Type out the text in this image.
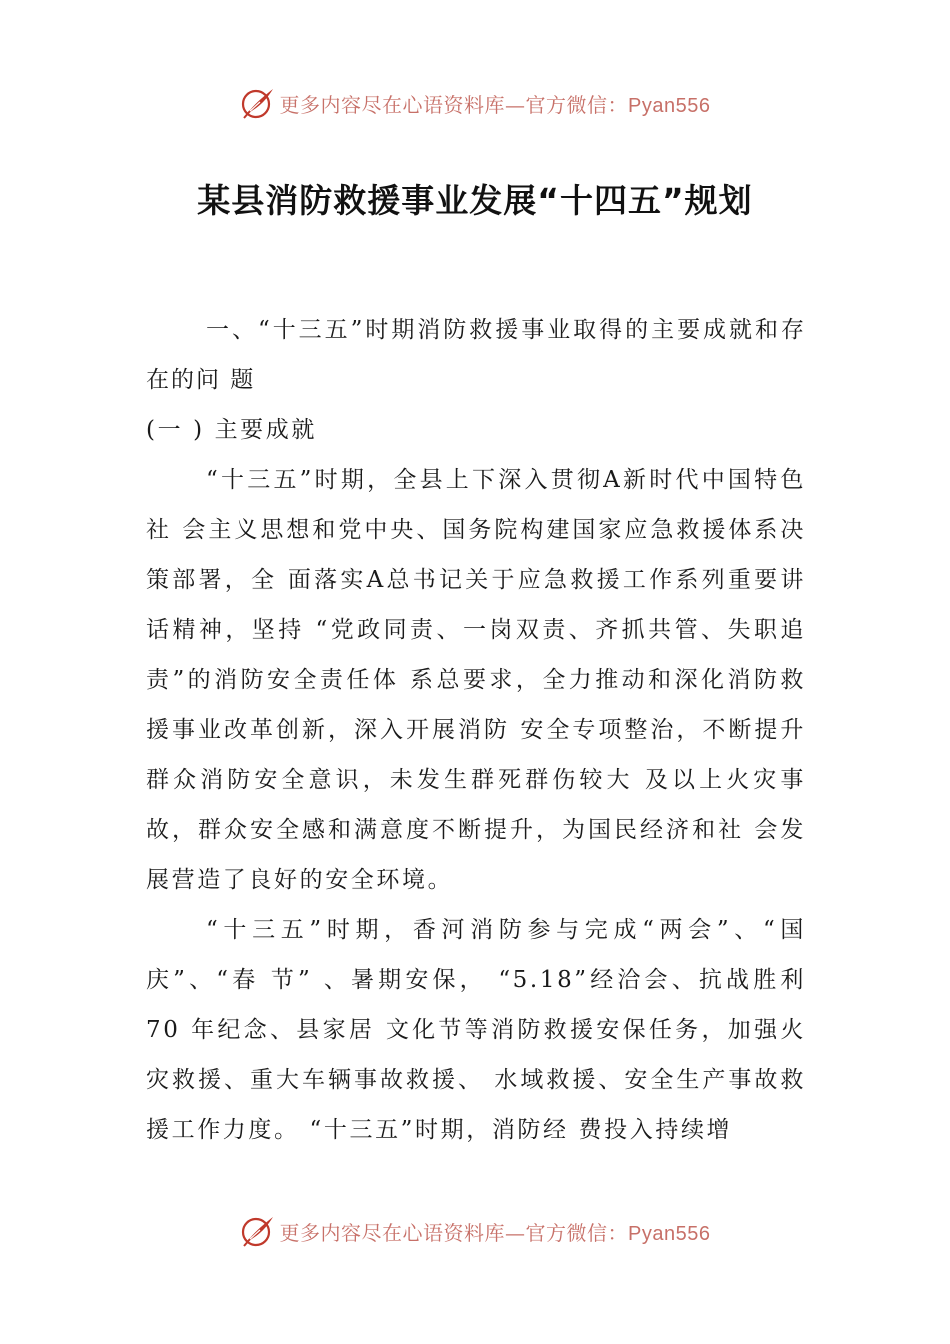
更多内容尽在心语资料库—官方微信：Pyan556
某县消防救援事业发展“十四五”规划

一、“十三五”时期消防救援事业取得的主要成就和存在的问 题

(一 ) 主要成就

“十三五”时期，全县上下深入贯彻A新时代中国特色社 会主义思想和党中央、国务院构建国家应急救援体系决策部署，全 面落实A总书记关于应急救援工作系列重要讲话精神，坚持 “党政同责、一岗双责、齐抓共管、失职追责”的消防安全责任体 系总要求，全力推动和深化消防救援事业改革创新，深入开展消防 安全专项整治，不断提升群众消防安全意识，未发生群死群伤较大 及以上火灾事故，群众安全感和满意度不断提升，为国民经济和社 会发展营造了良好的安全环境。

“十三五”时期，香河消防参与完成“两会”、“国庆”、“春 节” 、暑期安保， “5.18”经洽会、抗战胜利 70 年纪念、县家居 文化节等消防救援安保任务，加强火灾救援、重大车辆事故救援、 水域救援、安全生产事故救援工作力度。 “十三五”时期，消防经 费投入持续增

更多内容尽在心语资料库—官方微信：Pyan556
